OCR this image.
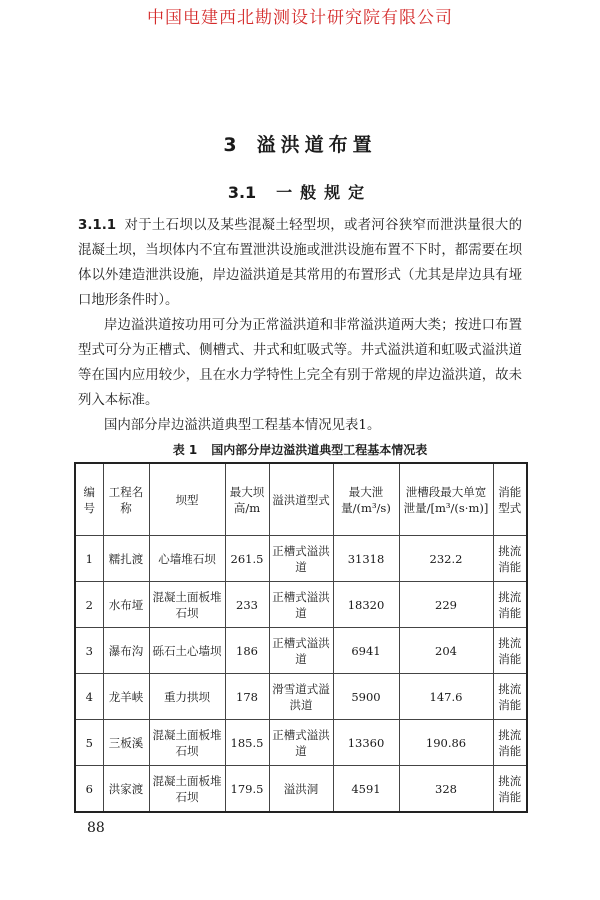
中国电建西北勘测设计研究院有限公司
3 溢洪道布置
3.1 一般规定

3.1.1 对于土石坝以及某些混凝土轻型坝，或者河谷狭窄而泄洪量很大的混凝土坝，当坝体内不宜布置泄洪设施或泄洪设施布置不下时，都需要在坝体以外建造泄洪设施，岸边溢洪道是其常用的布置形式（尤其是岸边具有垭口地形条件时）。

岸边溢洪道按功用可分为正常溢洪道和非常溢洪道两大类；按进口布置型式可分为正槽式、侧槽式、井式和虹吸式等。井式溢洪道和虹吸式溢洪道等在国内应用较少，且在水力学特性上完全有别于常规的岸边溢洪道，故未列入本标准。

国内部分岸边溢洪道典型工程基本情况见表1。

表 1 国内部分岸边溢洪道典型工程基本情况表
编号	工程名称	坝型	最大坝高/m	溢洪道型式	最大泄量/(m³/s)	泄槽段最大单宽泄量/[m³/(s·m)]	消能型式
1	糯扎渡	心墙堆石坝	261.5	正槽式溢洪道	31318	232.2	挑流消能
2	水布垭	混凝土面板堆石坝	233	正槽式溢洪道	18320	229	挑流消能
3	瀑布沟	砾石土心墙坝	186	正槽式溢洪道	6941	204	挑流消能
4	龙羊峡	重力拱坝	178	滑雪道式溢洪道	5900	147.6	挑流消能
5	三板溪	混凝土面板堆石坝	185.5	正槽式溢洪道	13360	190.86	挑流消能
6	洪家渡	混凝土面板堆石坝	179.5	溢洪洞	4591	328	挑流消能
88
